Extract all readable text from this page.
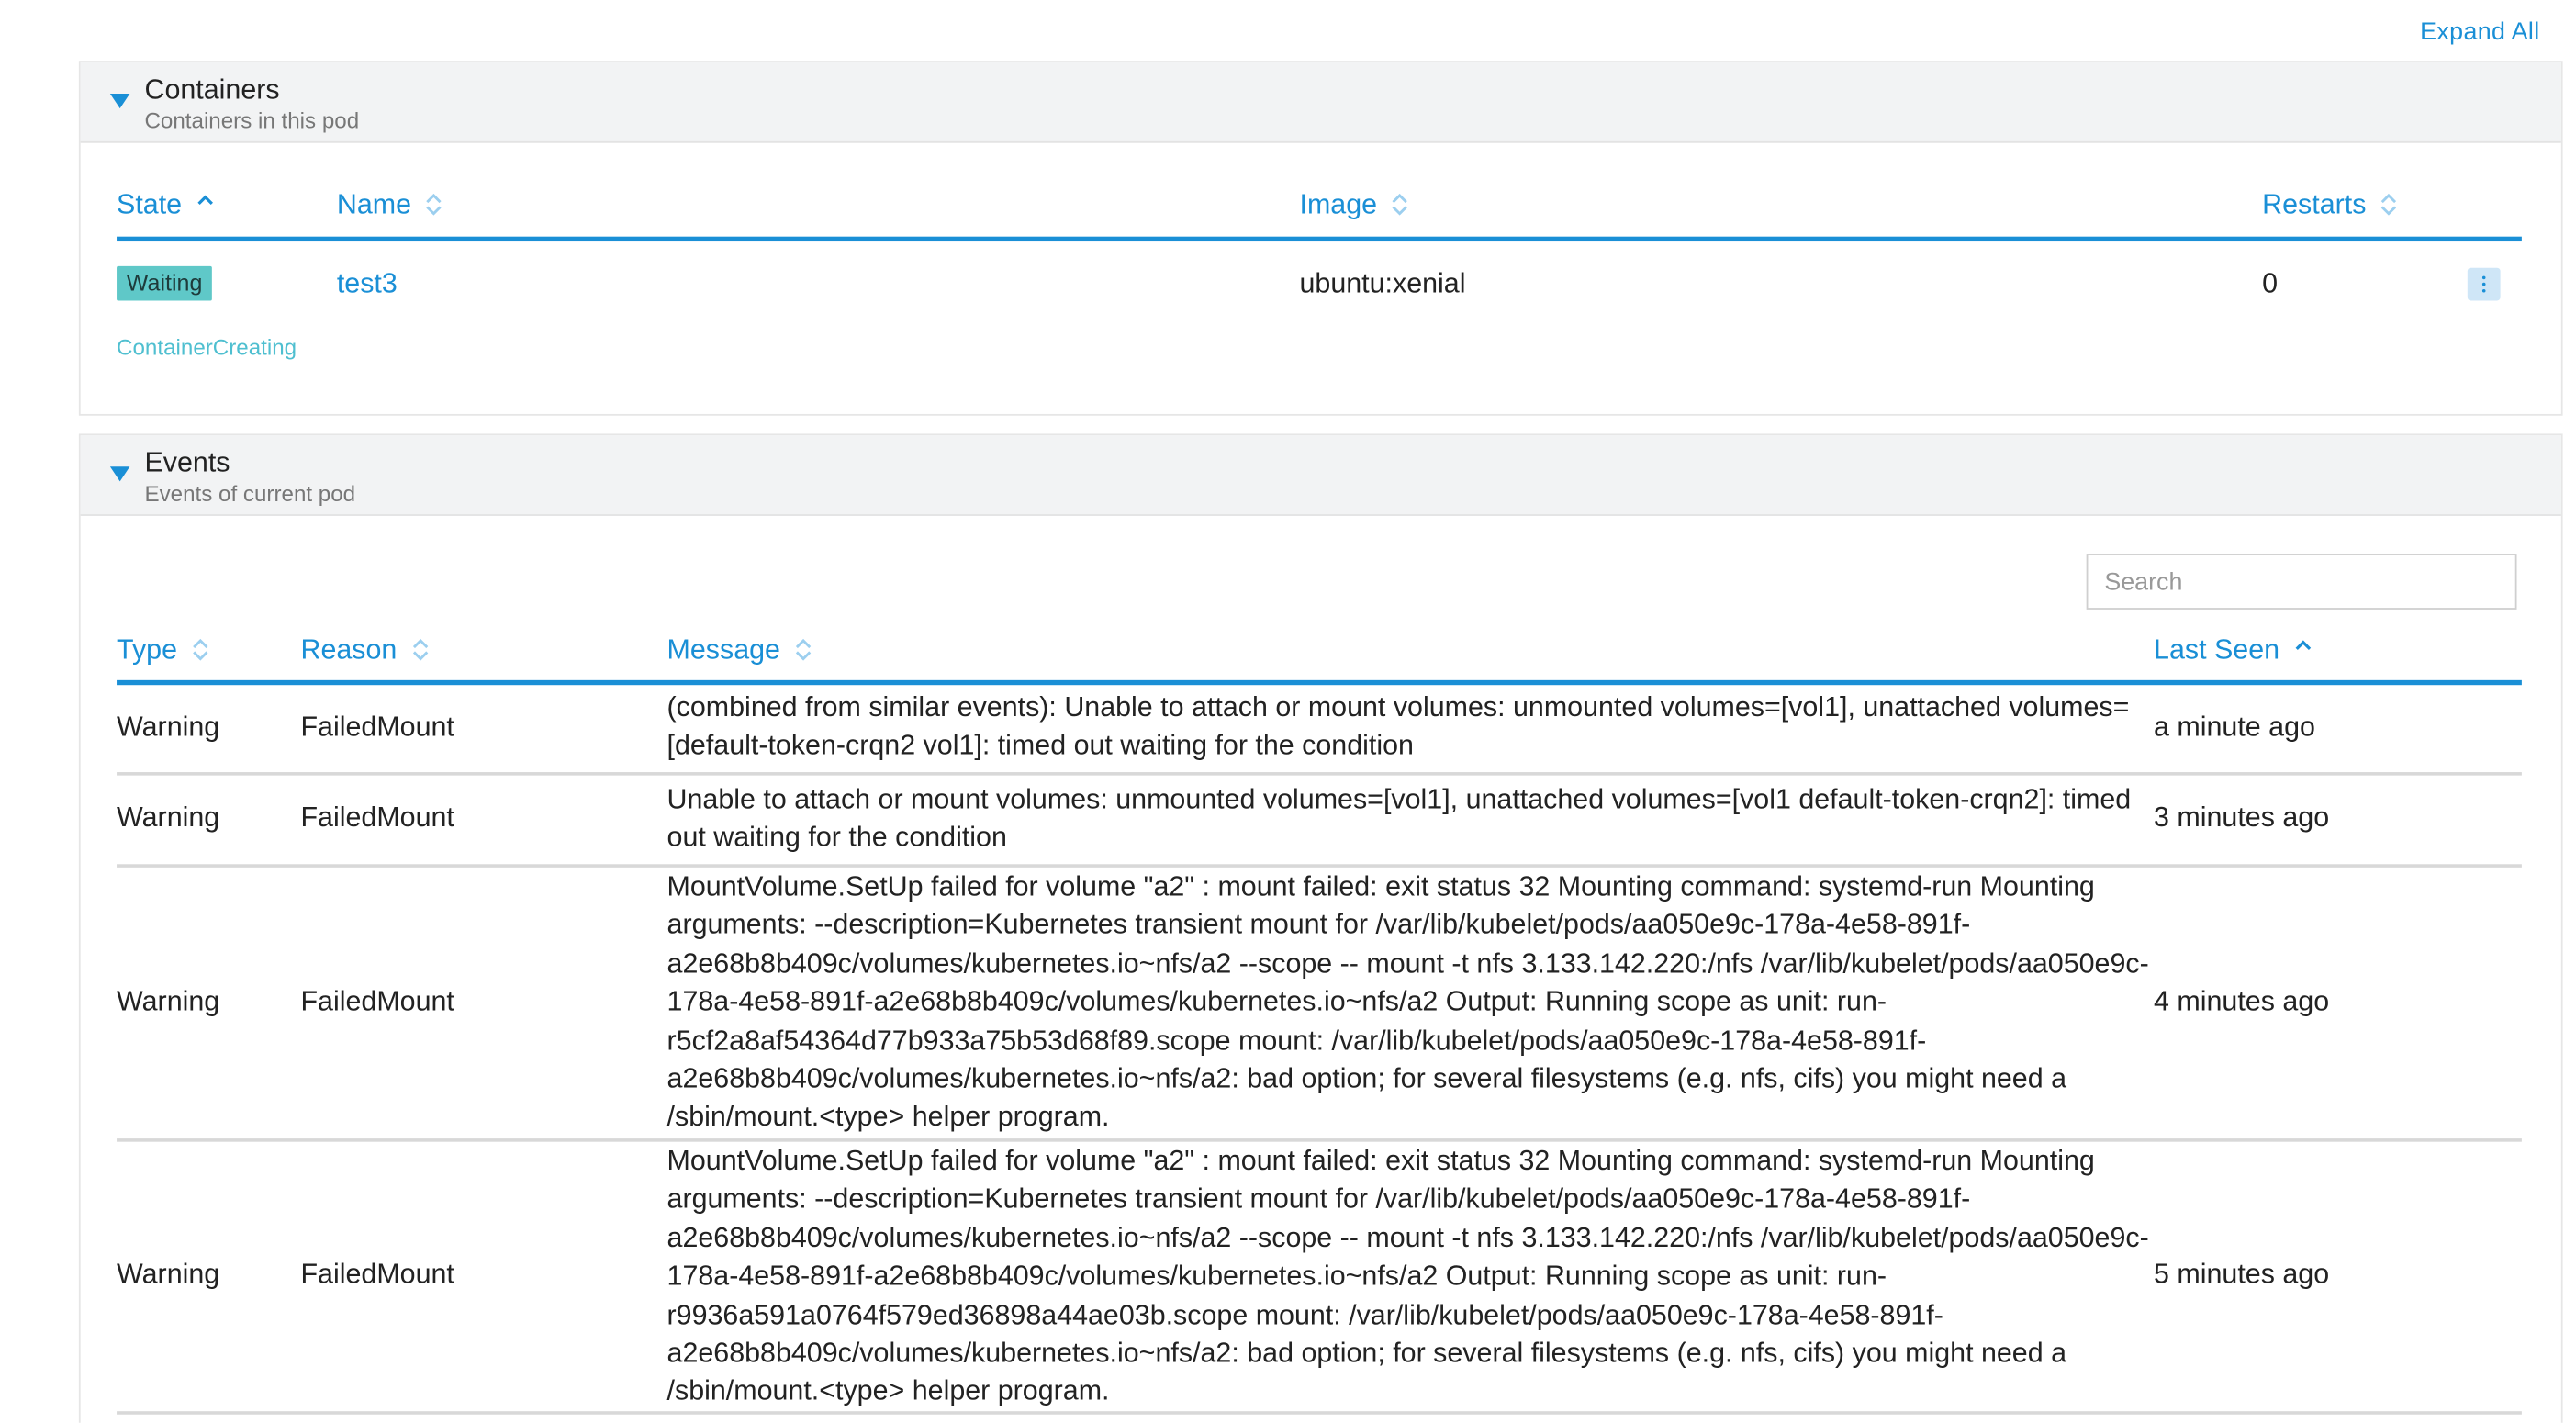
Expand All
Containers
Containers in this pod
State	Name	Image	Restarts
Waiting	test3	ubuntu:xenial	0
ContainerCreating
Events
Events of current pod
Search
Type	Reason	Message	Last Seen
Warning	FailedMount
(combined from similar events): Unable to attach or mount volumes: unmounted volumes=[vol1], unattached volumes=[default-token-crqn2 vol1]: timed out waiting for the condition
a minute ago
Warning	FailedMount
Unable to attach or mount volumes: unmounted volumes=[vol1], unattached volumes=[vol1 default-token-crqn2]: timed out waiting for the condition
3 minutes ago
Warning	FailedMount
MountVolume.SetUp failed for volume "a2" : mount failed: exit status 32 Mounting command: systemd-run Mounting arguments: --description=Kubernetes transient mount for /var/lib/kubelet/pods/aa050e9c-178a-4e58-891f-a2e68b8b409c/volumes/kubernetes.io~nfs/a2 --scope -- mount -t nfs 3.133.142.220:/nfs /var/lib/kubelet/pods/aa050e9c-178a-4e58-891f-a2e68b8b409c/volumes/kubernetes.io~nfs/a2 Output: Running scope as unit: run-r5cf2a8af54364d77b933a75b53d68f89.scope mount: /var/lib/kubelet/pods/aa050e9c-178a-4e58-891f-a2e68b8b409c/volumes/kubernetes.io~nfs/a2: bad option; for several filesystems (e.g. nfs, cifs) you might need a /sbin/mount.<type> helper program.
4 minutes ago
Warning	FailedMount
MountVolume.SetUp failed for volume "a2" : mount failed: exit status 32 Mounting command: systemd-run Mounting arguments: --description=Kubernetes transient mount for /var/lib/kubelet/pods/aa050e9c-178a-4e58-891f-a2e68b8b409c/volumes/kubernetes.io~nfs/a2 --scope -- mount -t nfs 3.133.142.220:/nfs /var/lib/kubelet/pods/aa050e9c-178a-4e58-891f-a2e68b8b409c/volumes/kubernetes.io~nfs/a2 Output: Running scope as unit: run-r9936a591a0764f579ed36898a44ae03b.scope mount: /var/lib/kubelet/pods/aa050e9c-178a-4e58-891f-a2e68b8b409c/volumes/kubernetes.io~nfs/a2: bad option; for several filesystems (e.g. nfs, cifs) you might need a /sbin/mount.<type> helper program.
5 minutes ago
